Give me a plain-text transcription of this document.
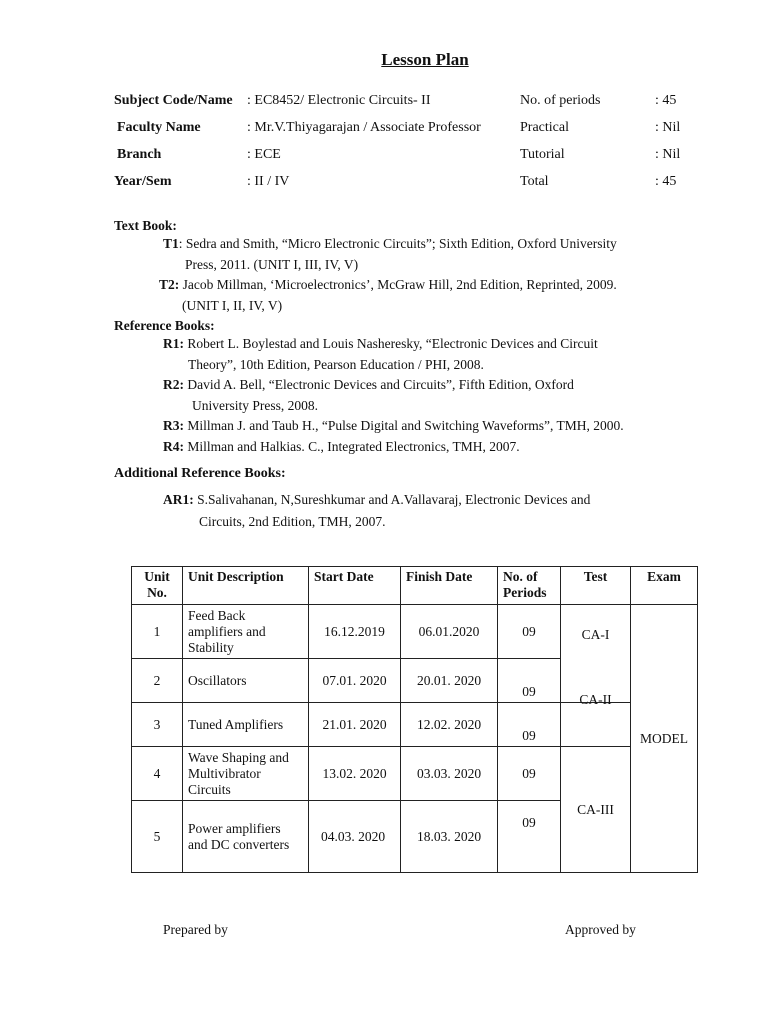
Lesson Plan
Subject Code/Name : EC8452/ Electronic Circuits- II	No. of periods	: 45
Faculty Name	: Mr.V.Thiyagarajan / Associate Professor	Practical	: Nil
Branch	: ECE	Tutorial	: Nil
Year/Sem	: II / IV	Total	: 45
Text Book:
T1: Sedra and Smith, “Micro Electronic Circuits”; Sixth Edition, Oxford University
Press, 2011. (UNIT I, III, IV, V)
T2: Jacob Millman, ‘Microelectronics’, McGraw Hill, 2nd Edition, Reprinted, 2009.
(UNIT I, II, IV, V)
Reference Books:
R1: Robert L. Boylestad and Louis Nasheresky, “Electronic Devices and Circuit
Theory”, 10th Edition, Pearson Education / PHI, 2008.
R2: David A. Bell, “Electronic Devices and Circuits”, Fifth Edition, Oxford
University Press, 2008.
R3: Millman J. and Taub H., “Pulse Digital and Switching Waveforms”, TMH, 2000.
R4: Millman and Halkias. C., Integrated Electronics, TMH, 2007.
Additional Reference Books:
AR1: S.Salivahanan, N,Sureshkumar and A.Vallavaraj, Electronic Devices and
Circuits, 2nd Edition, TMH, 2007.
Unit No.	Unit Description	Start Date	Finish Date	No. of Periods	Test	Exam
1	Feed Back amplifiers and Stability	16.12.2019	06.01.2020	09	CA-I	MODEL
2	Oscillators	07.01. 2020	20.01. 2020	09		
3	Tuned Amplifiers	21.01. 2020	12.02. 2020	09	CA-II	

4	Wave Shaping and Multivibrator Circuits	13.02. 2020	03.03. 2020	09	CA-III	
5	Power amplifiers and DC converters	04.03. 2020	18.03. 2020	09		
Prepared by	Approved by
